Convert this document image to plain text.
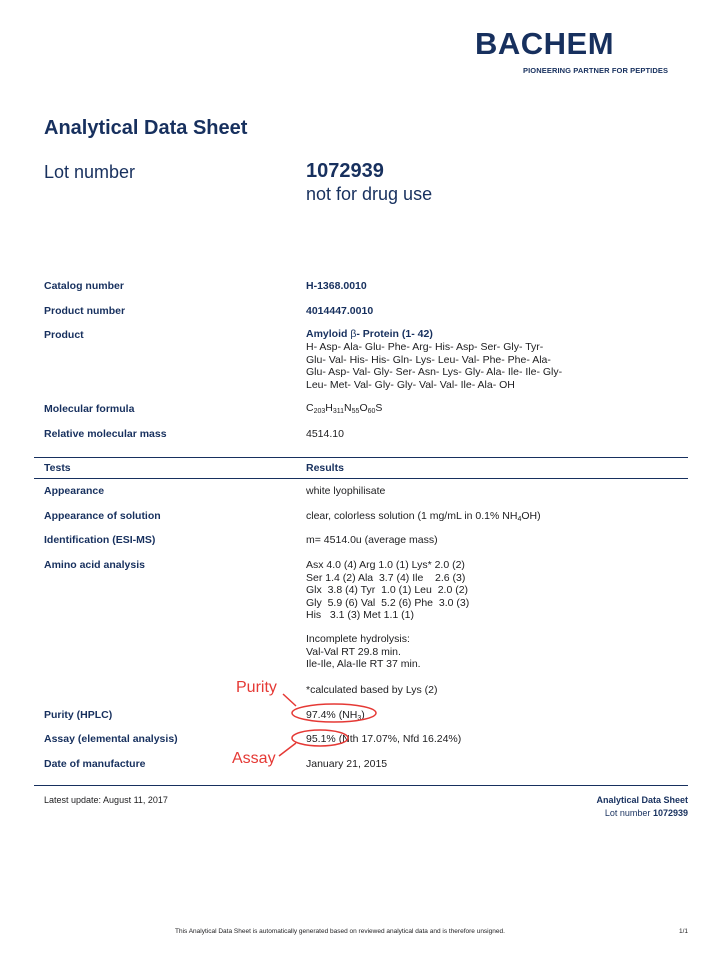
BACHEM
PIONEERING PARTNER FOR PEPTIDES
Analytical Data Sheet
Lot number	1072939
not for drug use
Catalog number	H-1368.0010
Product number	4014447.0010
Product	Amyloid β- Protein (1- 42)
H- Asp- Ala- Glu- Phe- Arg- His- Asp- Ser- Gly- Tyr-
Glu- Val- His- His- Gln- Lys- Leu- Val- Phe- Phe- Ala-
Glu- Asp- Val- Gly- Ser- Asn- Lys- Gly- Ala- Ile- Ile- Gly-
Leu- Met- Val- Gly- Gly- Val- Val- Ile- Ala- OH
Molecular formula	$C_{203}H_{311}N_{55}O_{60}S$
Relative molecular mass	4514.10
Tests	Results
Appearance	white lyophilisate
Appearance of solution	clear, colorless solution (1 mg/mL in 0.1% $NH_4OH$)
Identification (ESI-MS)	m= 4514.0u (average mass)
Amino acid analysis	Asx 4.0 (4) Arg 1.0 (1) Lys* 2.0 (2)
Ser 1.4 (2) Ala  3.7 (4) Ile    2.6 (3)
Glx  3.8 (4) Tyr  1.0 (1) Leu  2.0 (2)
Gly  5.9 (6) Val  5.2 (6) Phe  3.0 (3)
His   3.1 (3) Met 1.1 (1)
Incomplete hydrolysis:
Val-Val RT 29.8 min.
Ile-Ile, Ala-Ile RT 37 min.
*calculated based by Lys (2)
Purity (HPLC)	97.4% $(NH_3)$
Assay (elemental analysis)	95.1% (Nth 17.07%, Nfd 16.24%)
Date of manufacture	January 21, 2015
Purity
Assay
Latest update: August 11, 2017	Analytical Data Sheet
Lot number 1072939
This Analytical Data Sheet is automatically generated based on reviewed analytical data and is therefore unsigned.	1/1
